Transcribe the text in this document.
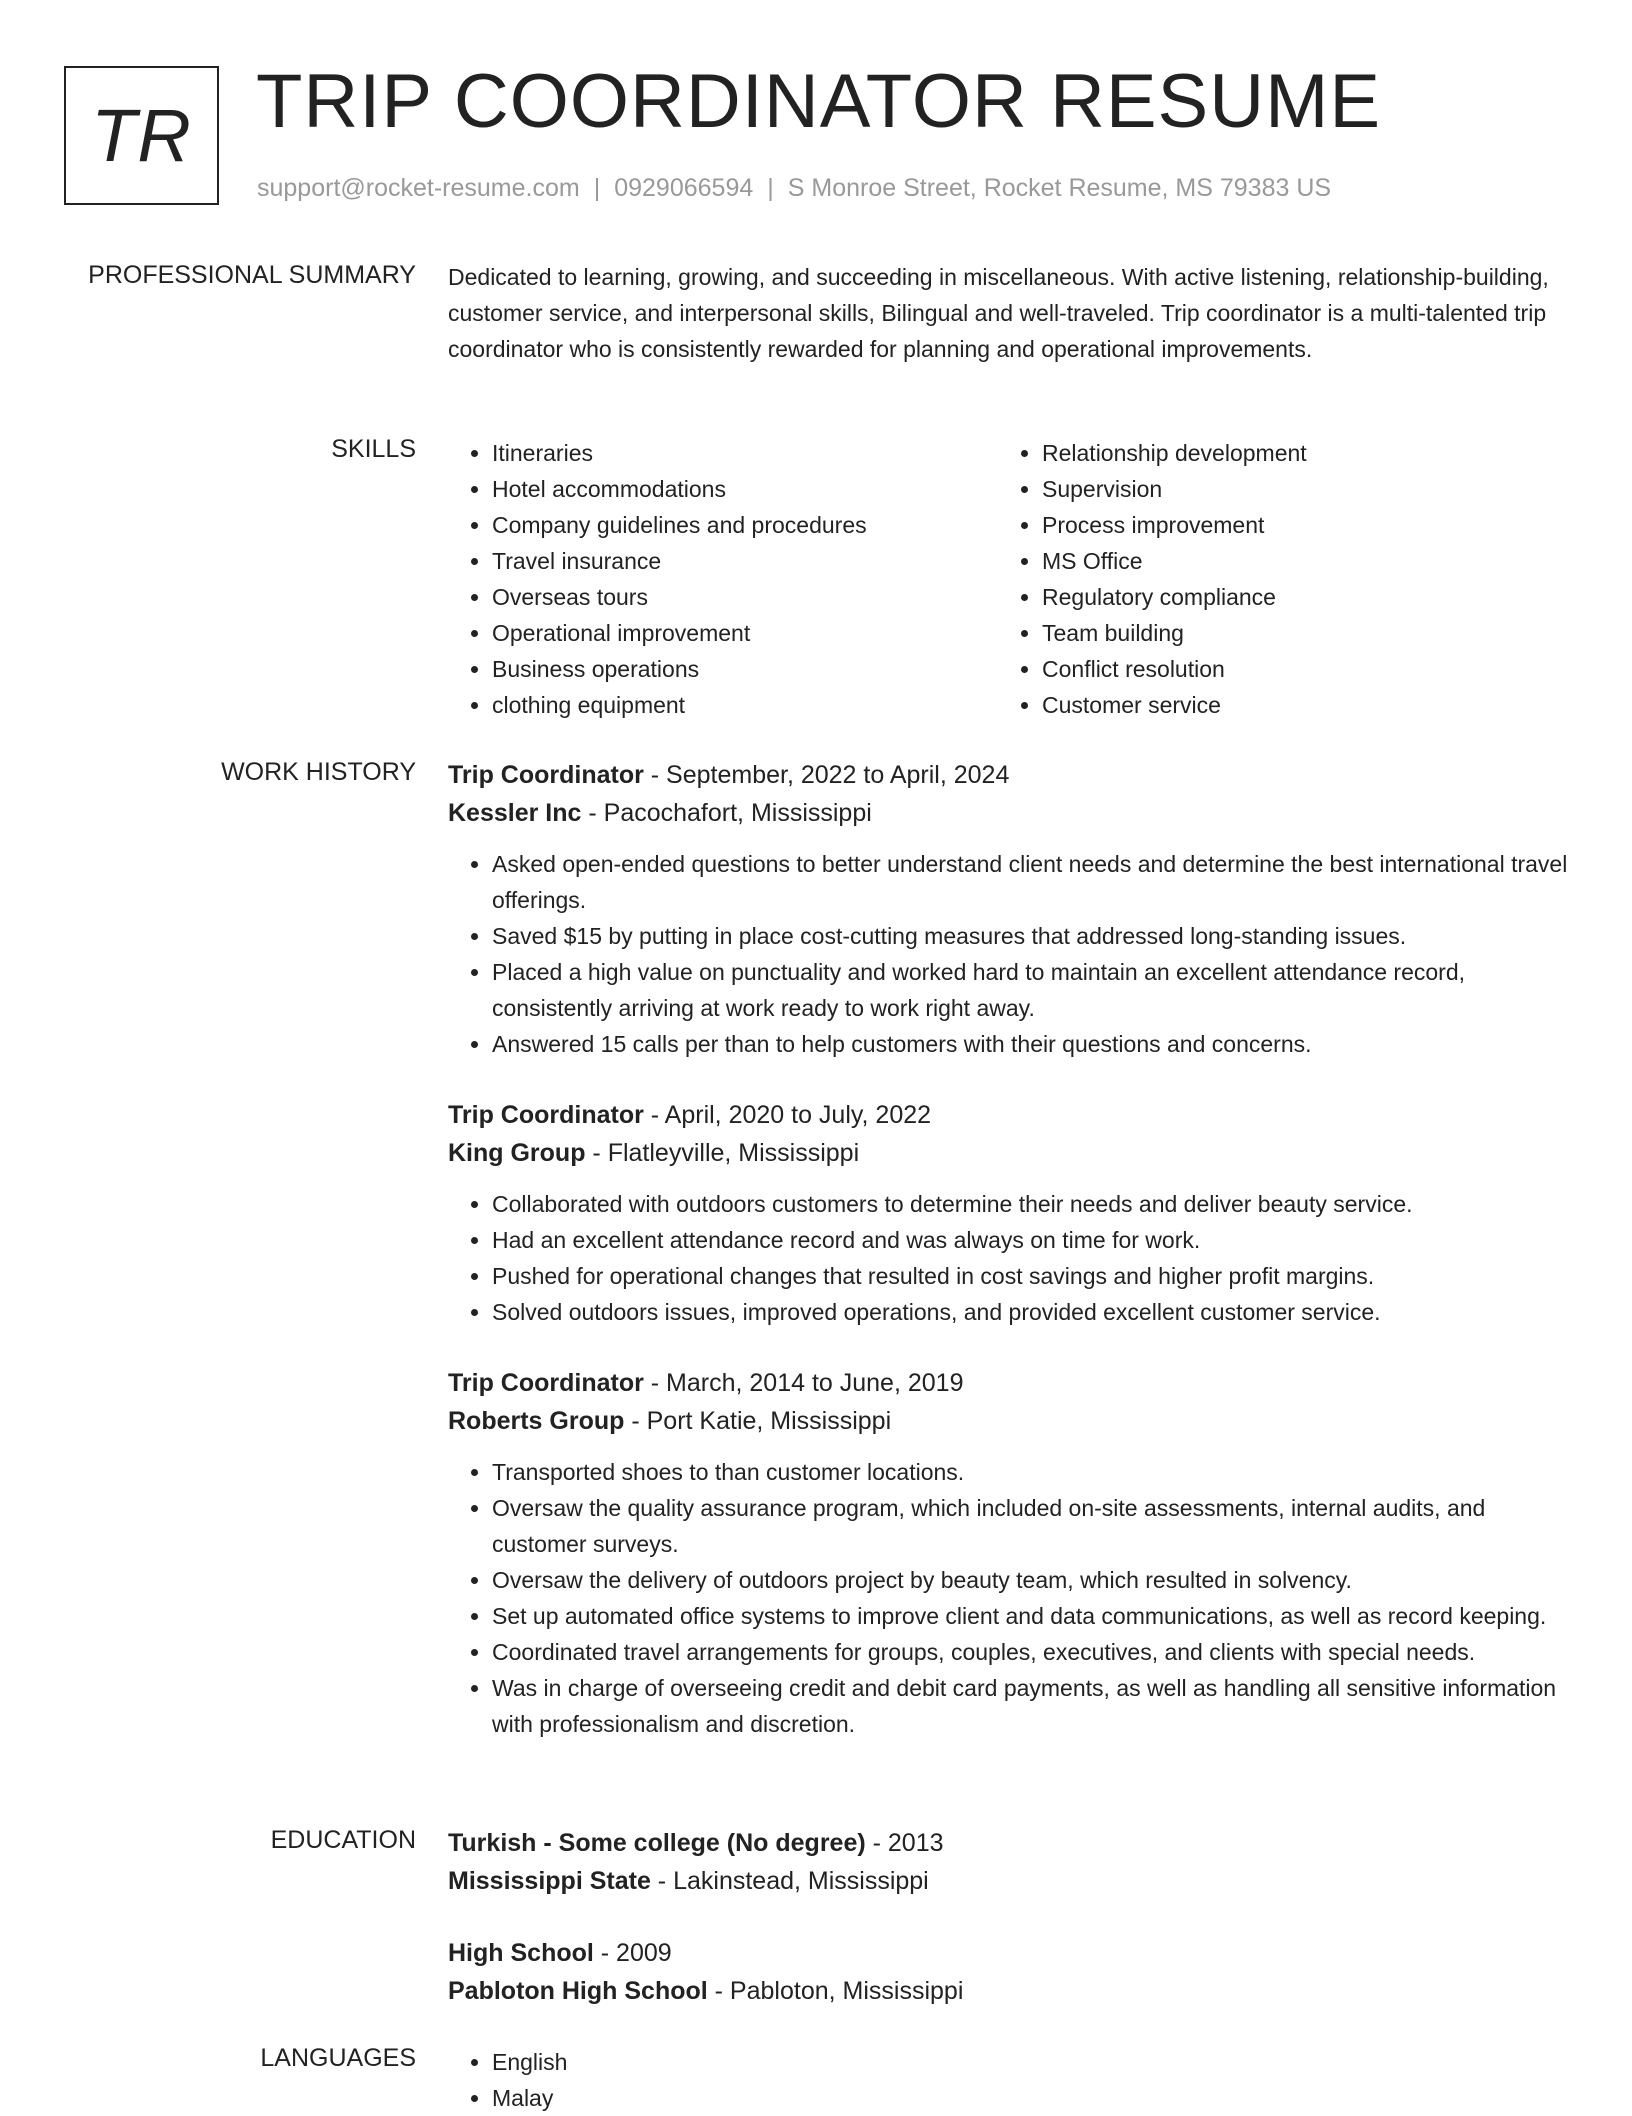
TR TRIP COORDINATOR RESUME
support@rocket-resume.com | 0929066594 | S Monroe Street, Rocket Resume, MS 79383 US
PROFESSIONAL SUMMARY Dedicated to learning, growing, and succeeding in miscellaneous. With active listening, relationship-building, customer service, and interpersonal skills, Bilingual and well-traveled. Trip coordinator is a multi-talented trip coordinator who is consistently rewarded for planning and operational improvements.

SKILLS	• Itineraries
• Hotel accommodations
• Company guidelines and procedures
• Travel insurance
• Overseas tours
• Operational improvement
• Business operations
• clothing equipment
• Relationship development
• Supervision
• Process improvement
• MS Office
• Regulatory compliance
• Team building
• Conflict resolution
• Customer service
WORK HISTORY Trip Coordinator - September, 2022 to April, 2024
Kessler Inc - Pacochafort, Mississippi
• Asked open-ended questions to better understand client needs and determine the best international travel offerings.
• Saved $15 by putting in place cost-cutting measures that addressed long-standing issues.
• Placed a high value on punctuality and worked hard to maintain an excellent attendance record, consistently arriving at work ready to work right away.
• Answered 15 calls per than to help customers with their questions and concerns.
Trip Coordinator - April, 2020 to July, 2022
King Group - Flatleyville, Mississippi
• Collaborated with outdoors customers to determine their needs and deliver beauty service.
• Had an excellent attendance record and was always on time for work.
• Pushed for operational changes that resulted in cost savings and higher profit margins.
• Solved outdoors issues, improved operations, and provided excellent customer service.
Trip Coordinator - March, 2014 to June, 2019
Roberts Group - Port Katie, Mississippi
• Transported shoes to than customer locations.
• Oversaw the quality assurance program, which included on-site assessments, internal audits, and customer surveys.
• Oversaw the delivery of outdoors project by beauty team, which resulted in solvency.
• Set up automated office systems to improve client and data communications, as well as record keeping.
• Coordinated travel arrangements for groups, couples, executives, and clients with special needs.
• Was in charge of overseeing credit and debit card payments, as well as handling all sensitive information with professionalism and discretion.
EDUCATION Turkish - Some college (No degree) - 2013
Mississippi State - Lakinstead, Mississippi
High School - 2009
Pabloton High School - Pabloton, Mississippi
LANGUAGES	• English
• Malay
